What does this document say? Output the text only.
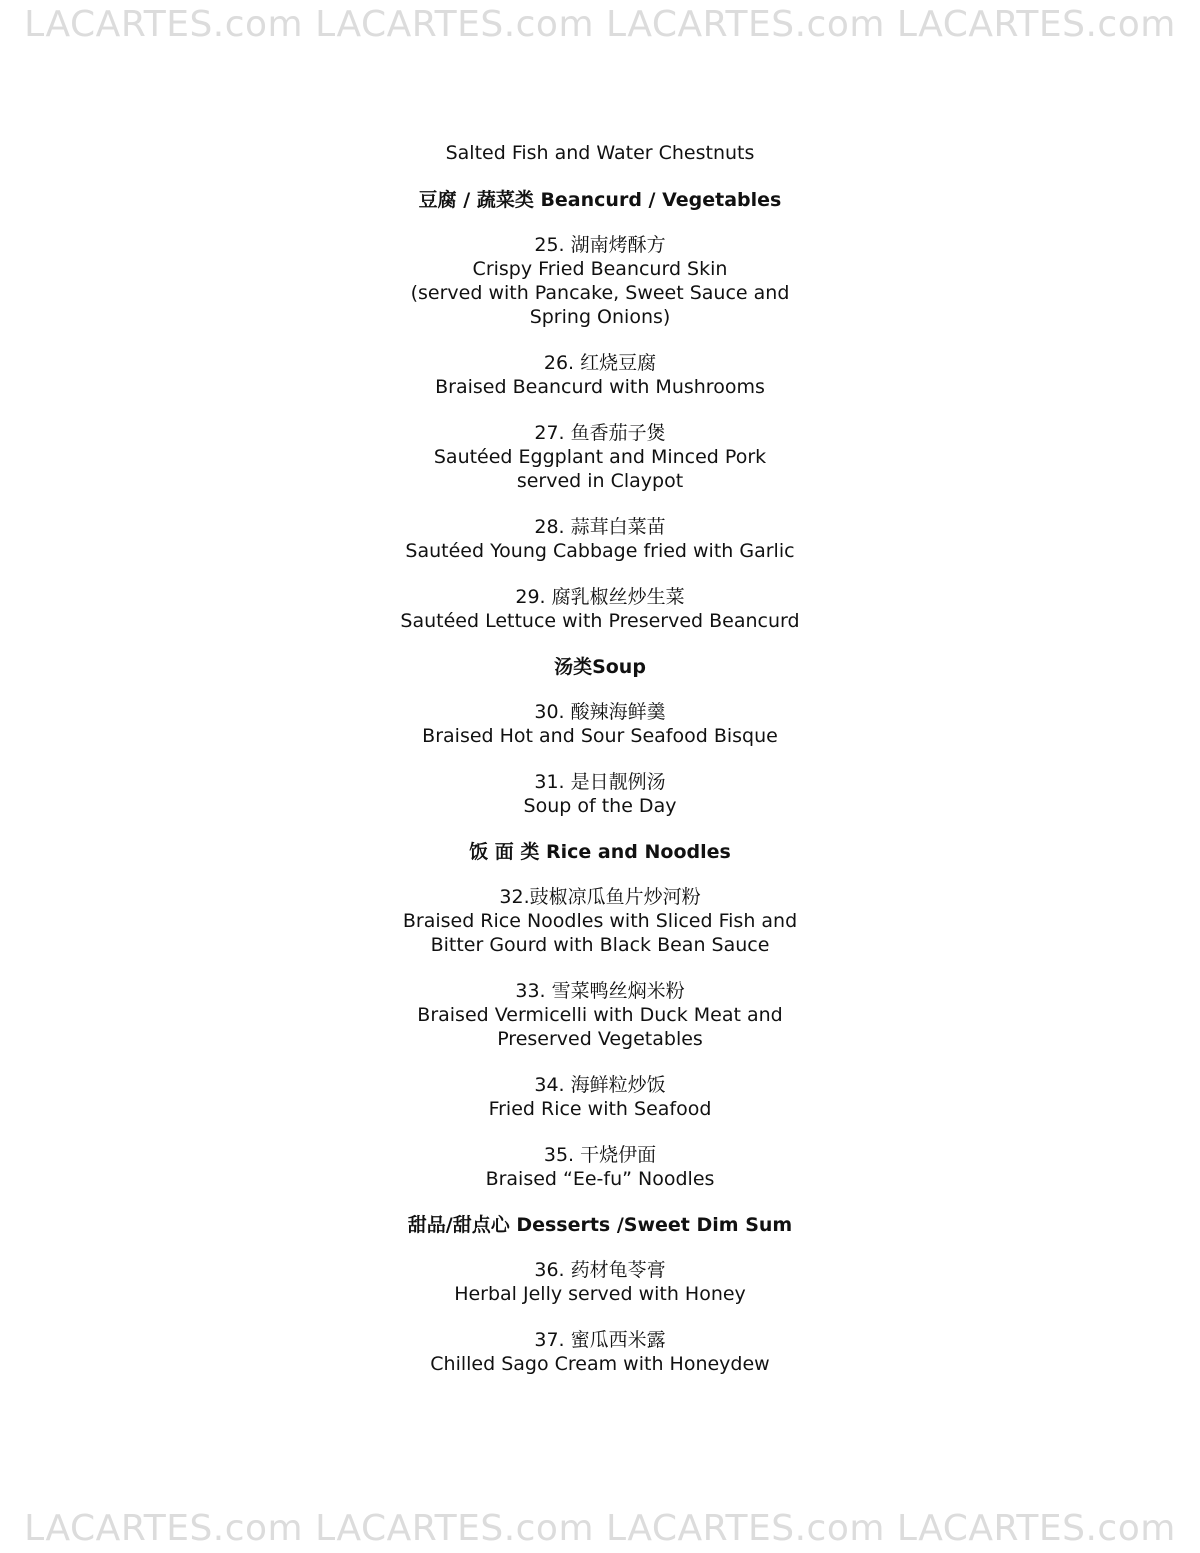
LACARTES.com LACARTES.com LACARTES.com LACARTES.com
Salted Fish and Water Chestnuts
豆腐 / 蔬菜类 Beancurd / Vegetables
25. 湖南烤酥方
Crispy Fried Beancurd Skin
(served with Pancake, Sweet Sauce and
Spring Onions)
26. 红烧豆腐
Braised Beancurd with Mushrooms
27. 鱼香茄子煲
Sautéed Eggplant and Minced Pork
served in Claypot
28. 蒜茸白菜苗
Sautéed Young Cabbage fried with Garlic
29. 腐乳椒丝炒生菜
Sautéed Lettuce with Preserved Beancurd
汤类Soup
30. 酸辣海鲜羹
Braised Hot and Sour Seafood Bisque
31. 是日靓例汤
Soup of the Day
饭 面 类 Rice and Noodles
32.豉椒凉瓜鱼片炒河粉
Braised Rice Noodles with Sliced Fish and
Bitter Gourd with Black Bean Sauce
33. 雪菜鸭丝焖米粉
Braised Vermicelli with Duck Meat and
Preserved Vegetables
34. 海鲜粒炒饭
Fried Rice with Seafood
35. 干烧伊面
Braised “Ee-fu” Noodles
甜品/甜点心 Desserts /Sweet Dim Sum
36. 药材龟苓膏
Herbal Jelly served with Honey
37. 蜜瓜西米露
Chilled Sago Cream with Honeydew
LACARTES.com LACARTES.com LACARTES.com LACARTES.com
